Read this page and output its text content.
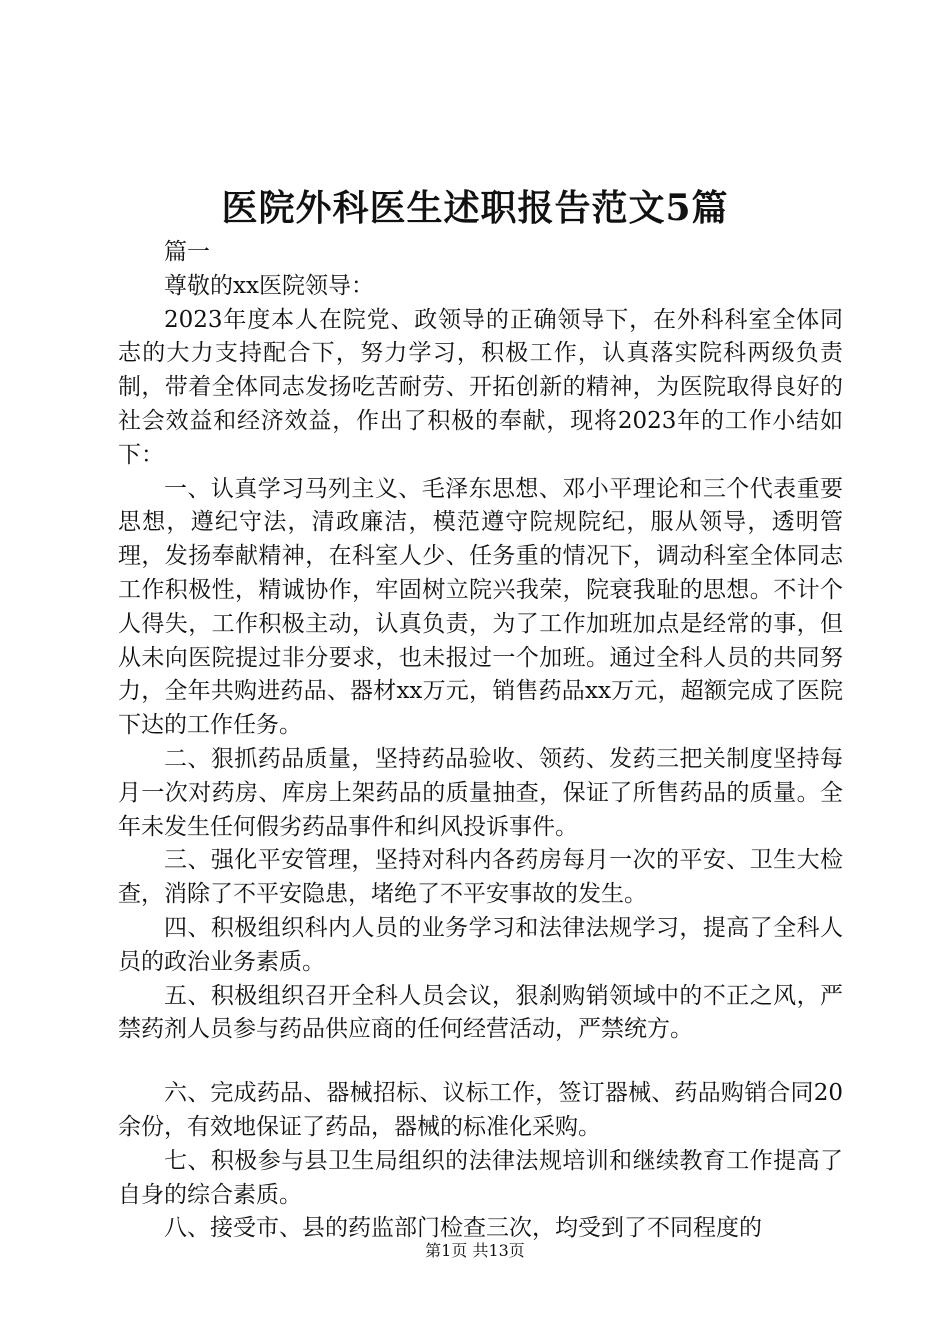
医院外科医生述职报告范文5篇

篇一

尊敬的xx医院领导：

2023年度本人在院党、政领导的正确领导下，在外科科室全体同志的大力支持配合下，努力学习，积极工作，认真落实院科两级负责制，带着全体同志发扬吃苦耐劳、开拓创新的精神，为医院取得良好的社会效益和经济效益，作出了积极的奉献，现将2023年的工作小结如下：

一、认真学习马列主义、毛泽东思想、邓小平理论和三个代表重要思想，遵纪守法，清政廉洁，模范遵守院规院纪，服从领导，透明管理，发扬奉献精神，在科室人少、任务重的情况下，调动科室全体同志工作积极性，精诚协作，牢固树立院兴我荣，院衰我耻的思想。不计个人得失，工作积极主动，认真负责，为了工作加班加点是经常的事，但从未向医院提过非分要求，也未报过一个加班。通过全科人员的共同努力，全年共购进药品、器材xx万元，销售药品xx万元，超额完成了医院下达的工作任务。

二、狠抓药品质量，坚持药品验收、领药、发药三把关制度坚持每月一次对药房、库房上架药品的质量抽查，保证了所售药品的质量。全年未发生任何假劣药品事件和纠风投诉事件。

三、强化平安管理，坚持对科内各药房每月一次的平安、卫生大检查，消除了不平安隐患，堵绝了不平安事故的发生。

四、积极组织科内人员的业务学习和法律法规学习，提高了全科人员的政治业务素质。

五、积极组织召开全科人员会议，狠刹购销领域中的不正之风，严禁药剂人员参与药品供应商的任何经营活动，严禁统方。

六、完成药品、器械招标、议标工作，签订器械、药品购销合同20余份，有效地保证了药品，器械的标准化采购。

七、积极参与县卫生局组织的法律法规培训和继续教育工作提高了自身的综合素质。

八、接受市、县的药监部门检查三次，均受到了不同程度的

第1页 共13页
